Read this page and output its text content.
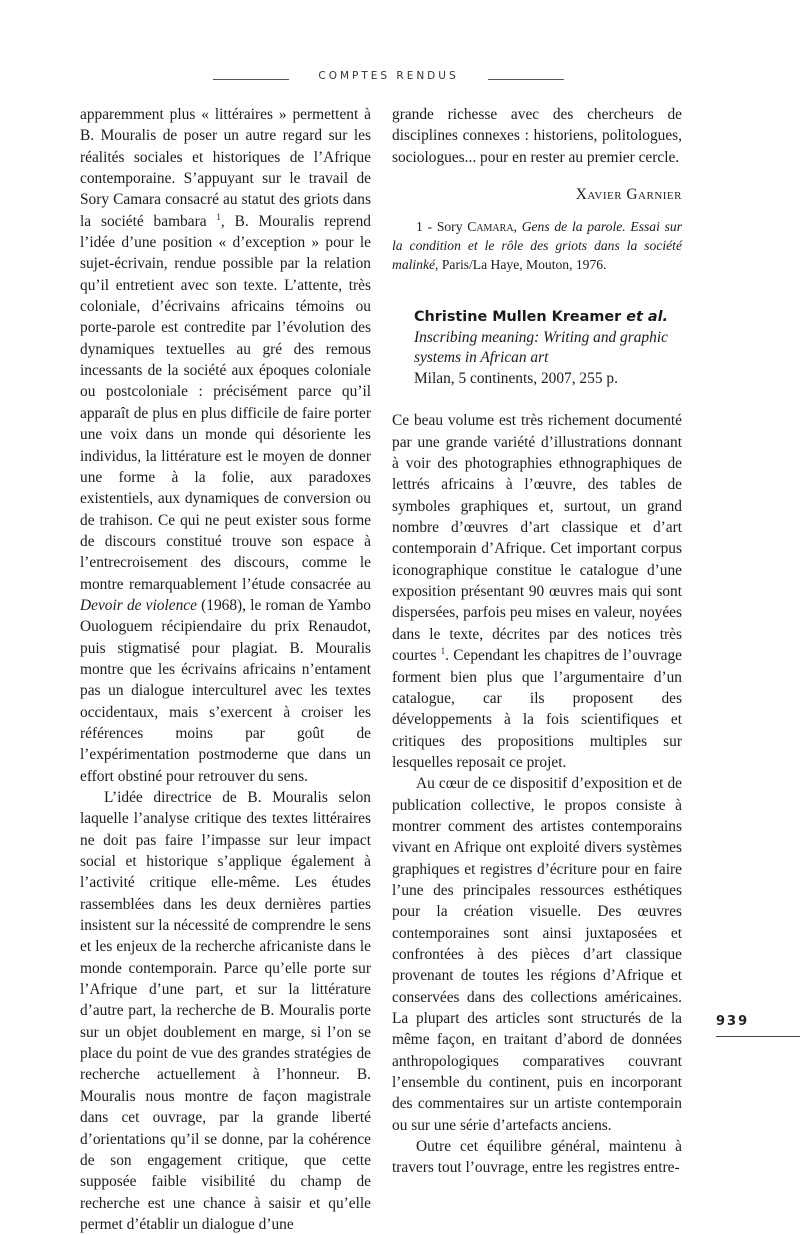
COMPTES RENDUS

apparemment plus « littéraires » permettent à B. Mouralis de poser un autre regard sur les réalités sociales et historiques de l’Afrique contemporaine. S’appuyant sur le travail de Sory Camara consacré au statut des griots dans la société bambara $^1$, B. Mouralis reprend l’idée d’une position « d’exception » pour le sujet-écrivain, rendue possible par la relation qu’il entretient avec son texte. L’attente, très coloniale, d’écrivains africains témoins ou porte-parole est contredite par l’évolution des dynamiques textuelles au gré des remous incessants de la société aux époques coloniale ou postcoloniale : précisément parce qu’il apparaît de plus en plus difficile de faire porter une voix dans un monde qui désoriente les individus, la littérature est le moyen de donner une forme à la folie, aux paradoxes existentiels, aux dynamiques de conversion ou de trahison. Ce qui ne peut exister sous forme de discours constitué trouve son espace à l’entrecroisement des discours, comme le montre remarquablement l’étude consacrée au Devoir de violence (1968), le roman de Yambo Ouologuem récipiendaire du prix Renaudot, puis stigmatisé pour plagiat. B. Mouralis montre que les écrivains africains n’entament pas un dialogue interculturel avec les textes occidentaux, mais s’exercent à croiser les références moins par goût de l’expérimentation postmoderne que dans un effort obstiné pour retrouver du sens.

L’idée directrice de B. Mouralis selon laquelle l’analyse critique des textes littéraires ne doit pas faire l’impasse sur leur impact social et historique s’applique également à l’activité critique elle-même. Les études rassemblées dans les deux dernières parties insistent sur la nécessité de comprendre le sens et les enjeux de la recherche africaniste dans le monde contemporain. Parce qu’elle porte sur l’Afrique d’une part, et sur la littérature d’autre part, la recherche de B. Mouralis porte sur un objet doublement en marge, si l’on se place du point de vue des grandes stratégies de recherche actuellement à l’honneur. B. Mouralis nous montre de façon magistrale dans cet ouvrage, par la grande liberté d’orientations qu’il se donne, par la cohérence de son engagement critique, que cette supposée faible visibilité du champ de recherche est une chance à saisir et qu’elle permet d’établir un dialogue d’une

grande richesse avec des chercheurs de disciplines connexes : historiens, politologues, sociologues... pour en rester au premier cercle.

Xavier Garnier

1 - Sory Camara, Gens de la parole. Essai sur la condition et le rôle des griots dans la société malinké, Paris/La Haye, Mouton, 1976.

Christine Mullen Kreamer et al.
Inscribing meaning: Writing and graphic systems in African art
Milan, 5 continents, 2007, 255 p.

Ce beau volume est très richement documenté par une grande variété d’illustrations donnant à voir des photographies ethnographiques de lettrés africains à l’œuvre, des tables de symboles graphiques et, surtout, un grand nombre d’œuvres d’art classique et d’art contemporain d’Afrique. Cet important corpus iconographique constitue le catalogue d’une exposition présentant 90 œuvres mais qui sont dispersées, parfois peu mises en valeur, noyées dans le texte, décrites par des notices très courtes $^1$. Cependant les chapitres de l’ouvrage forment bien plus que l’argumentaire d’un catalogue, car ils proposent des développements à la fois scientifiques et critiques des propositions multiples sur lesquelles reposait ce projet.

Au cœur de ce dispositif d’exposition et de publication collective, le propos consiste à montrer comment des artistes contemporains vivant en Afrique ont exploité divers systèmes graphiques et registres d’écriture pour en faire l’une des principales ressources esthétiques pour la création visuelle. Des œuvres contemporaines sont ainsi juxtaposées et confrontées à des pièces d’art classique provenant de toutes les régions d’Afrique et conservées dans des collections américaines. La plupart des articles sont structurés de la même façon, en traitant d’abord de données anthropologiques comparatives couvrant l’ensemble du continent, puis en incorporant des commentaires sur un artiste contemporain ou sur une série d’artefacts anciens.

Outre cet équilibre général, maintenu à travers tout l’ouvrage, entre les registres entre-

939
